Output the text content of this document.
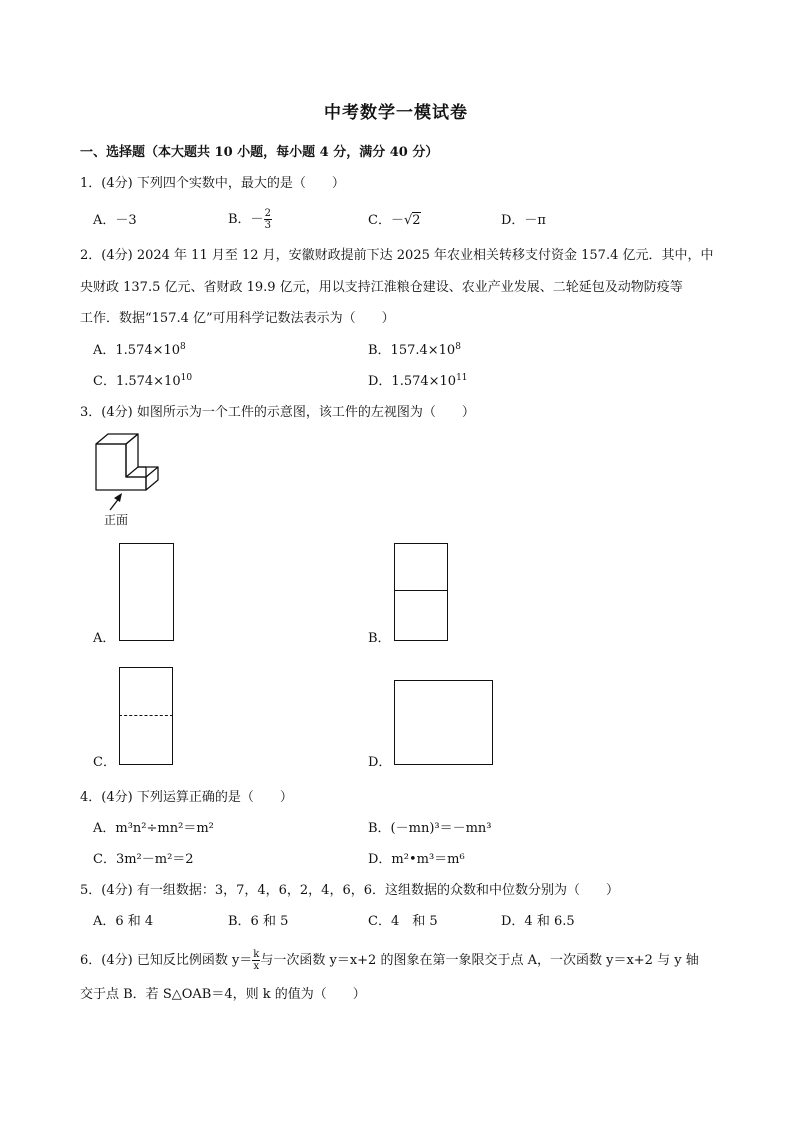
中考数学一模试卷
一、选择题（本大题共 10 小题，每小题 4 分，满分 40 分）
1．(4分) 下列四个实数中，最大的是（　　）
A．－3	B．－ $\frac{2}{3}$	C．－√2	D．－π
2．(4分) 2024 年 11 月至 12 月，安徽财政提前下达 2025 年农业相关转移支付资金 157.4 亿元．其中，中
央财政 137.5 亿元、省财政 19.9 亿元，用以支持江淮粮仓建设、农业产业发展、二轮延包及动物防疫等
工作．数据“157.4 亿”可用科学记数法表示为（　　）
A．$1.574\times 10^8$	B．$157.4\times 10^8$
C．$1.574\times 10^{10}$	D．$1.574\times 10^{11}$
3．(4分) 如图所示为一个工件的示意图，该工件的左视图为（　　）
正面
A．	B．
C．	D．
4．(4分) 下列运算正确的是（　　）
A．m³n²÷mn²＝m²	B．(－mn)³＝－mn³
C．3m²－m²＝2	D．m²•m³＝m⁶
5．(4分) 有一组数据：3，7，4，6，2，4，6，6．这组数据的众数和中位数分别为（　　）
A．6 和 4	B．6 和 5	C．4　和 5	D．4 和 6.5
6．(4分) 已知反比例函数 $y= \frac{k}{x}$ 与一次函数 y＝x+2 的图象在第一象限交于点 A，一次函数 y＝x+2 与 y 轴
交于点 B．若 S△OAB＝4，则 k 的值为（　　）
